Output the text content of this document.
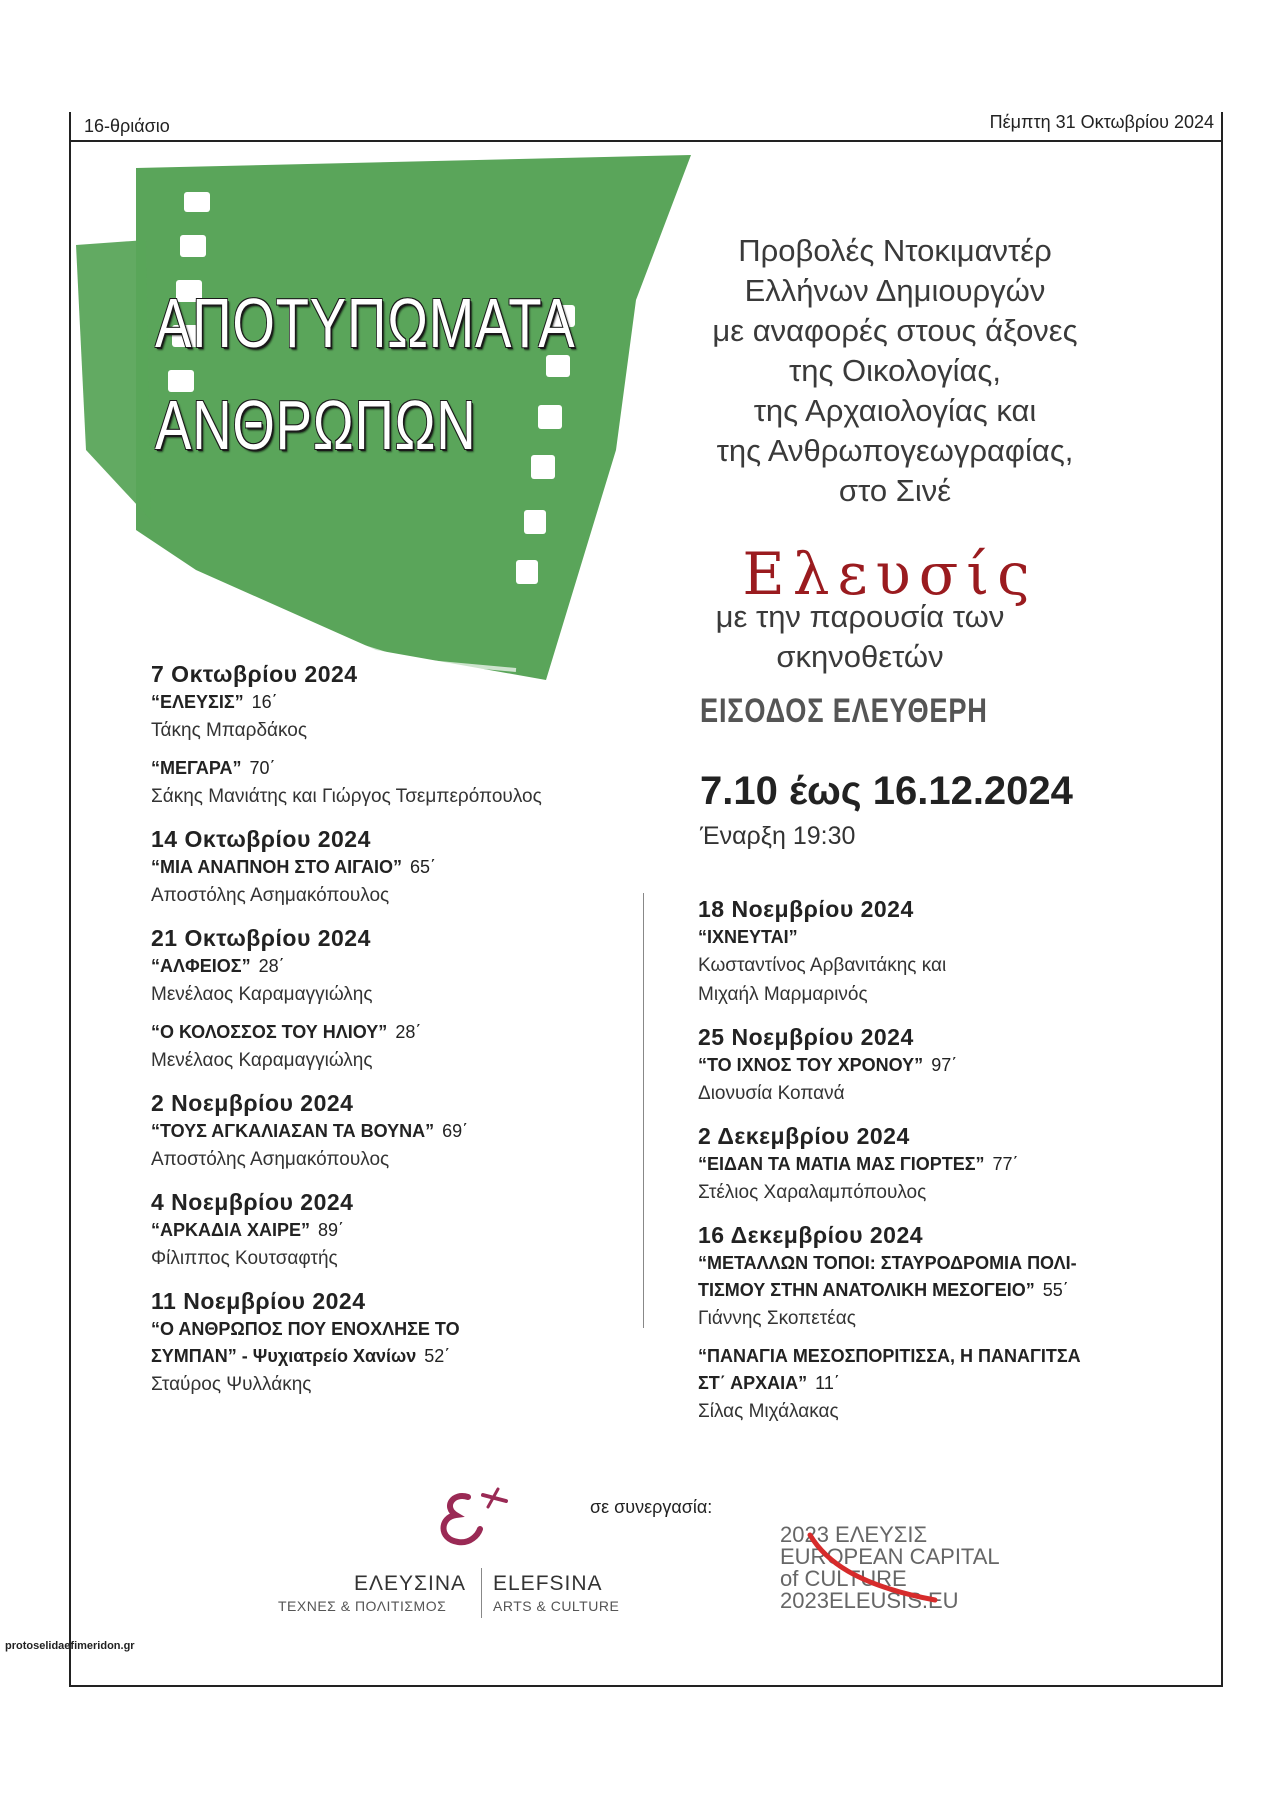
16-θριάσιο	Πέμπτη 31 Οκτωβρίου 2024
ΑΠΟΤΥΠΩΜΑΤΑ
ΑΝΘΡΩΠΩΝ
Προβολές Ντοκιμαντέρ
Ελλήνων Δημιουργών
με αναφορές στους άξονες
της Οικολογίας,
της Αρχαιολογίας και
της Ανθρωπογεωγραφίας,
στο Σινέ
Ελευσίς
με την παρουσία των
σκηνοθετών
ΕΙΣΟΔΟΣ ΕΛΕΥΘΕΡΗ
7.10 έως 16.12.2024
Έναρξη 19:30
7 Οκτωβρίου 2024
“ΕΛΕΥΣΙΣ” 16΄
Τάκης Μπαρδάκος
“ΜΕΓΑΡΑ” 70΄
Σάκης Μανιάτης και Γιώργος Τσεμπερόπουλος
14 Οκτωβρίου 2024
“ΜΙΑ ΑΝΑΠΝΟΗ ΣΤΟ ΑΙΓΑΙΟ” 65΄
Αποστόλης Ασημακόπουλος
21 Οκτωβρίου 2024
“ΑΛΦΕΙΟΣ” 28΄
Μενέλαος Καραμαγγιώλης
“Ο ΚΟΛΟΣΣΟΣ ΤΟΥ ΗΛΙΟΥ” 28΄
Μενέλαος Καραμαγγιώλης
2 Νοεμβρίου 2024
“ΤΟΥΣ ΑΓΚΑΛΙΑΣΑΝ ΤΑ ΒΟΥΝΑ” 69΄
Αποστόλης Ασημακόπουλος
4 Νοεμβρίου 2024
“ΑΡΚΑΔΙΑ ΧΑΙΡΕ” 89΄
Φίλιππος Κουτσαφτής
11 Νοεμβρίου 2024
“Ο ΑΝΘΡΩΠΟΣ ΠΟΥ ΕΝΟΧΛΗΣΕ ΤΟ
ΣΥΜΠΑΝ” - Ψυχιατρείο Χανίων 52΄
Σταύρος Ψυλλάκης
18 Νοεμβρίου 2024
“ΙΧΝΕΥΤΑΙ”
Κωσταντίνος Αρβανιτάκης και
Μιχαήλ Μαρμαρινός
25 Νοεμβρίου 2024
“ΤΟ ΙΧΝΟΣ ΤΟΥ ΧΡΟΝΟΥ” 97΄
Διονυσία Κοπανά
2 Δεκεμβρίου 2024
“ΕΙΔΑΝ ΤΑ ΜΑΤΙΑ ΜΑΣ ΓΙΟΡΤΕΣ” 77΄
Στέλιος Χαραλαμπόπουλος
16 Δεκεμβρίου 2024
“ΜΕΤΑΛΛΩΝ ΤΟΠΟΙ: ΣΤΑΥΡΟΔΡΟΜΙΑ ΠΟΛΙ-
ΤΙΣΜΟΥ ΣΤΗΝ ΑΝΑΤΟΛΙΚΗ ΜΕΣΟΓΕΙΟ” 55΄
Γιάννης Σκοπετέας
“ΠΑΝΑΓΙΑ ΜΕΣΟΣΠΟΡΙΤΙΣΣΑ, Η ΠΑΝΑΓΙΤΣΑ
ΣΤ΄ ΑΡΧΑΙΑ” 11΄
Σίλας Μιχάλακας
σε συνεργασία:
ΕΛΕΥΣΙΝΑ ELEFSINA
ΤΕΧΝΕΣ & ΠΟΛΙΤΙΣΜΟΣ	ARTS & CULTURE
2023 ΕΛΕΥΣΙΣ
EUROPEAN CAPITAL
of CULTURE
2023ELEUSIS.EU
protoselidaefimeridon.gr
